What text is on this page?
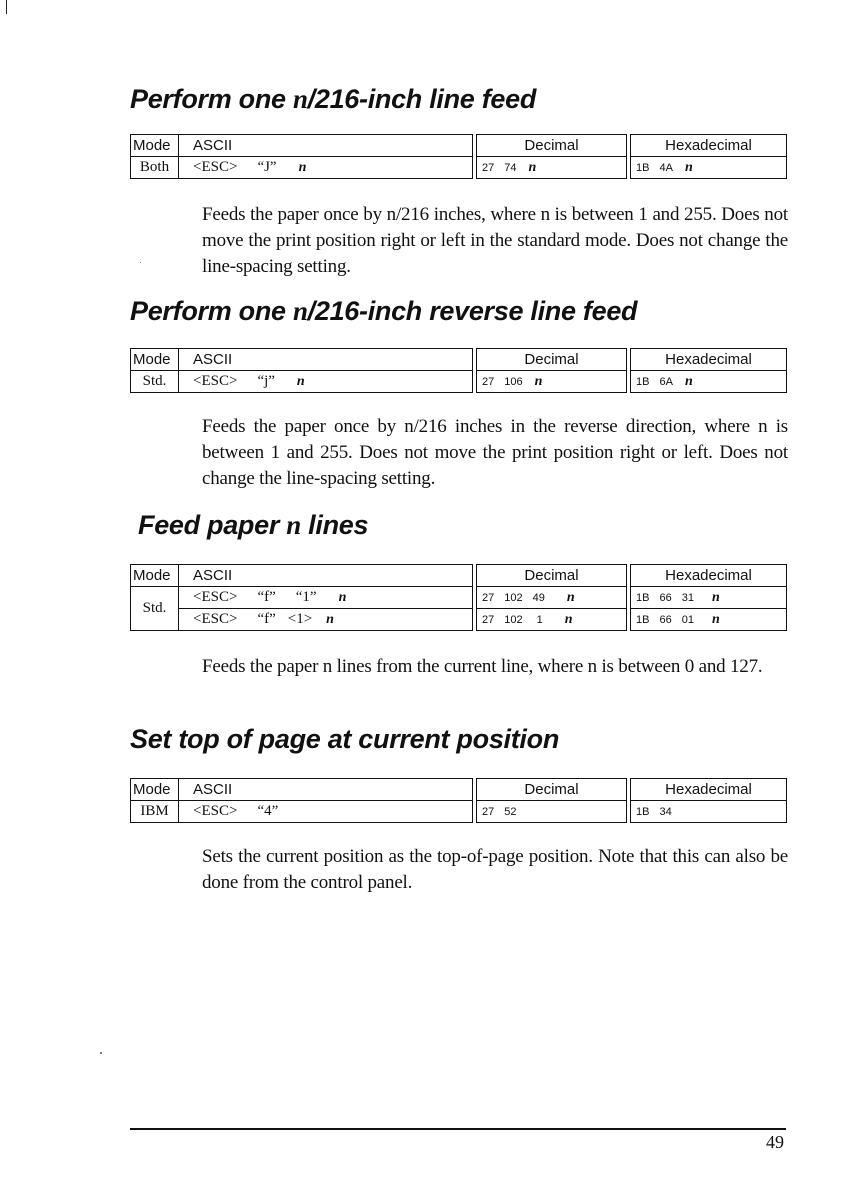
Perform one n/216-inch line feed
Mode	ASCII		Decimal		Hexadecimal
Both	<ESC> “J” n		27 74 n		1B 4A n

Feeds the paper once by n/216 inches, where n is between 1 and 255. Does not move the print position right or left in the standard mode. Does not change the line-spacing setting.

Perform one n/216-inch reverse line feed
Mode	ASCII		Decimal		Hexadecimal
Std.	<ESC> “j” n		27 106 n		1B 6A n

Feeds the paper once by n/216 inches in the reverse direction, where n is between 1 and 255. Does not move the print position right or left. Does not change the line-spacing setting.

Feed paper n lines
Mode	ASCII		Decimal		Hexadecimal
Std.	<ESC> “f” “1” n		27 102 49 n		1B 66 31 n
	<ESC> “f” <1> n		27 102 1 n		1B 66 01 n

Feeds the paper n lines from the current line, where n is between 0 and 127.

Set top of page at current position
Mode	ASCII		Decimal		Hexadecimal
IBM	<ESC> “4”		27 52		1B 34

Sets the current position as the top-of-page position. Note that this can also be done from the control panel.

49
